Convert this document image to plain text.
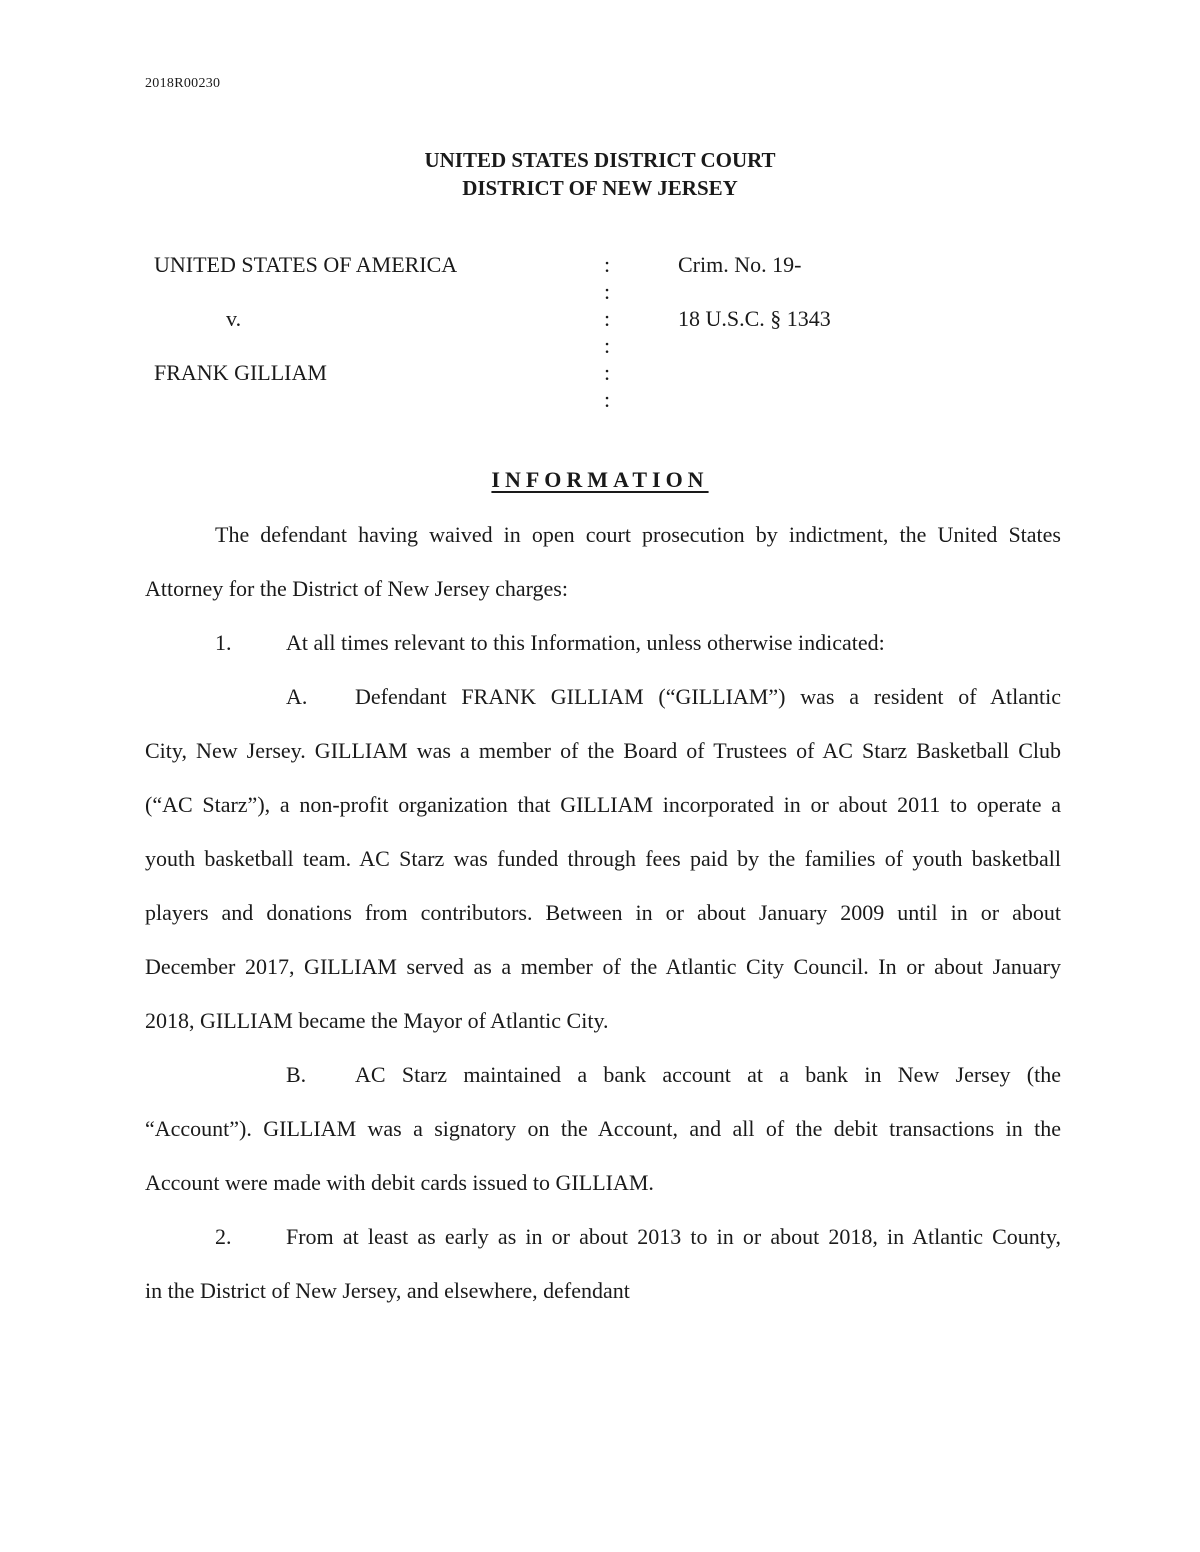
2018R00230
UNITED STATES DISTRICT COURT
DISTRICT OF NEW JERSEY
UNITED STATES OF AMERICA
v.
FRANK GILLIAM
:
:
:
:
:
:
Crim. No. 19-
18 U.S.C. § 1343
INFORMATION
The defendant having waived in open court prosecution by indictment, the United States
Attorney for the District of New Jersey charges:
1. At all times relevant to this Information, unless otherwise indicated:
A. Defendant FRANK GILLIAM (“GILLIAM”) was a resident of Atlantic
City, New Jersey. GILLIAM was a member of the Board of Trustees of AC Starz Basketball Club
(“AC Starz”), a non-profit organization that GILLIAM incorporated in or about 2011 to operate a
youth basketball team. AC Starz was funded through fees paid by the families of youth basketball
players and donations from contributors. Between in or about January 2009 until in or about
December 2017, GILLIAM served as a member of the Atlantic City Council. In or about January
2018, GILLIAM became the Mayor of Atlantic City.
B. AC Starz maintained a bank account at a bank in New Jersey (the
“Account”). GILLIAM was a signatory on the Account, and all of the debit transactions in the
Account were made with debit cards issued to GILLIAM.
2. From at least as early as in or about 2013 to in or about 2018, in Atlantic County,
in the District of New Jersey, and elsewhere, defendant
